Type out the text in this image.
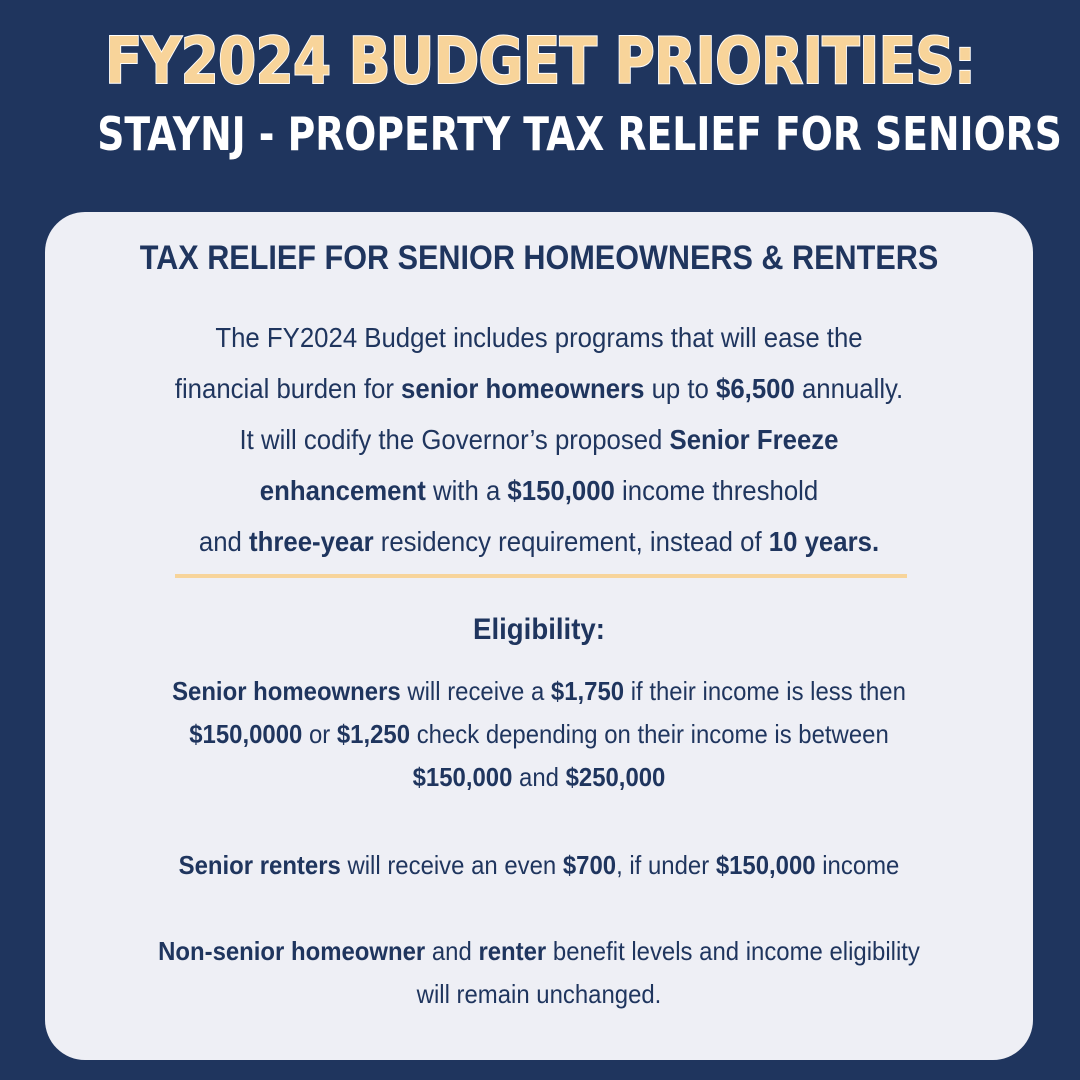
FY2024 BUDGET PRIORITIES:
STAYNJ - PROPERTY TAX RELIEF FOR SENIORS
TAX RELIEF FOR SENIOR HOMEOWNERS & RENTERS
The FY2024 Budget includes programs that will ease the
financial burden for senior homeowners up to $6,500 annually.
It will codify the Governor’s proposed Senior Freeze
enhancement with a $150,000 income threshold
and three-year residency requirement, instead of 10 years.
Eligibility:
Senior homeowners will receive a $1,750 if their income is less then
$150,0000 or $1,250 check depending on their income is between
$150,000 and $250,000
Senior renters will receive an even $700, if under $150,000 income
Non-senior homeowner and renter benefit levels and income eligibility
will remain unchanged.
